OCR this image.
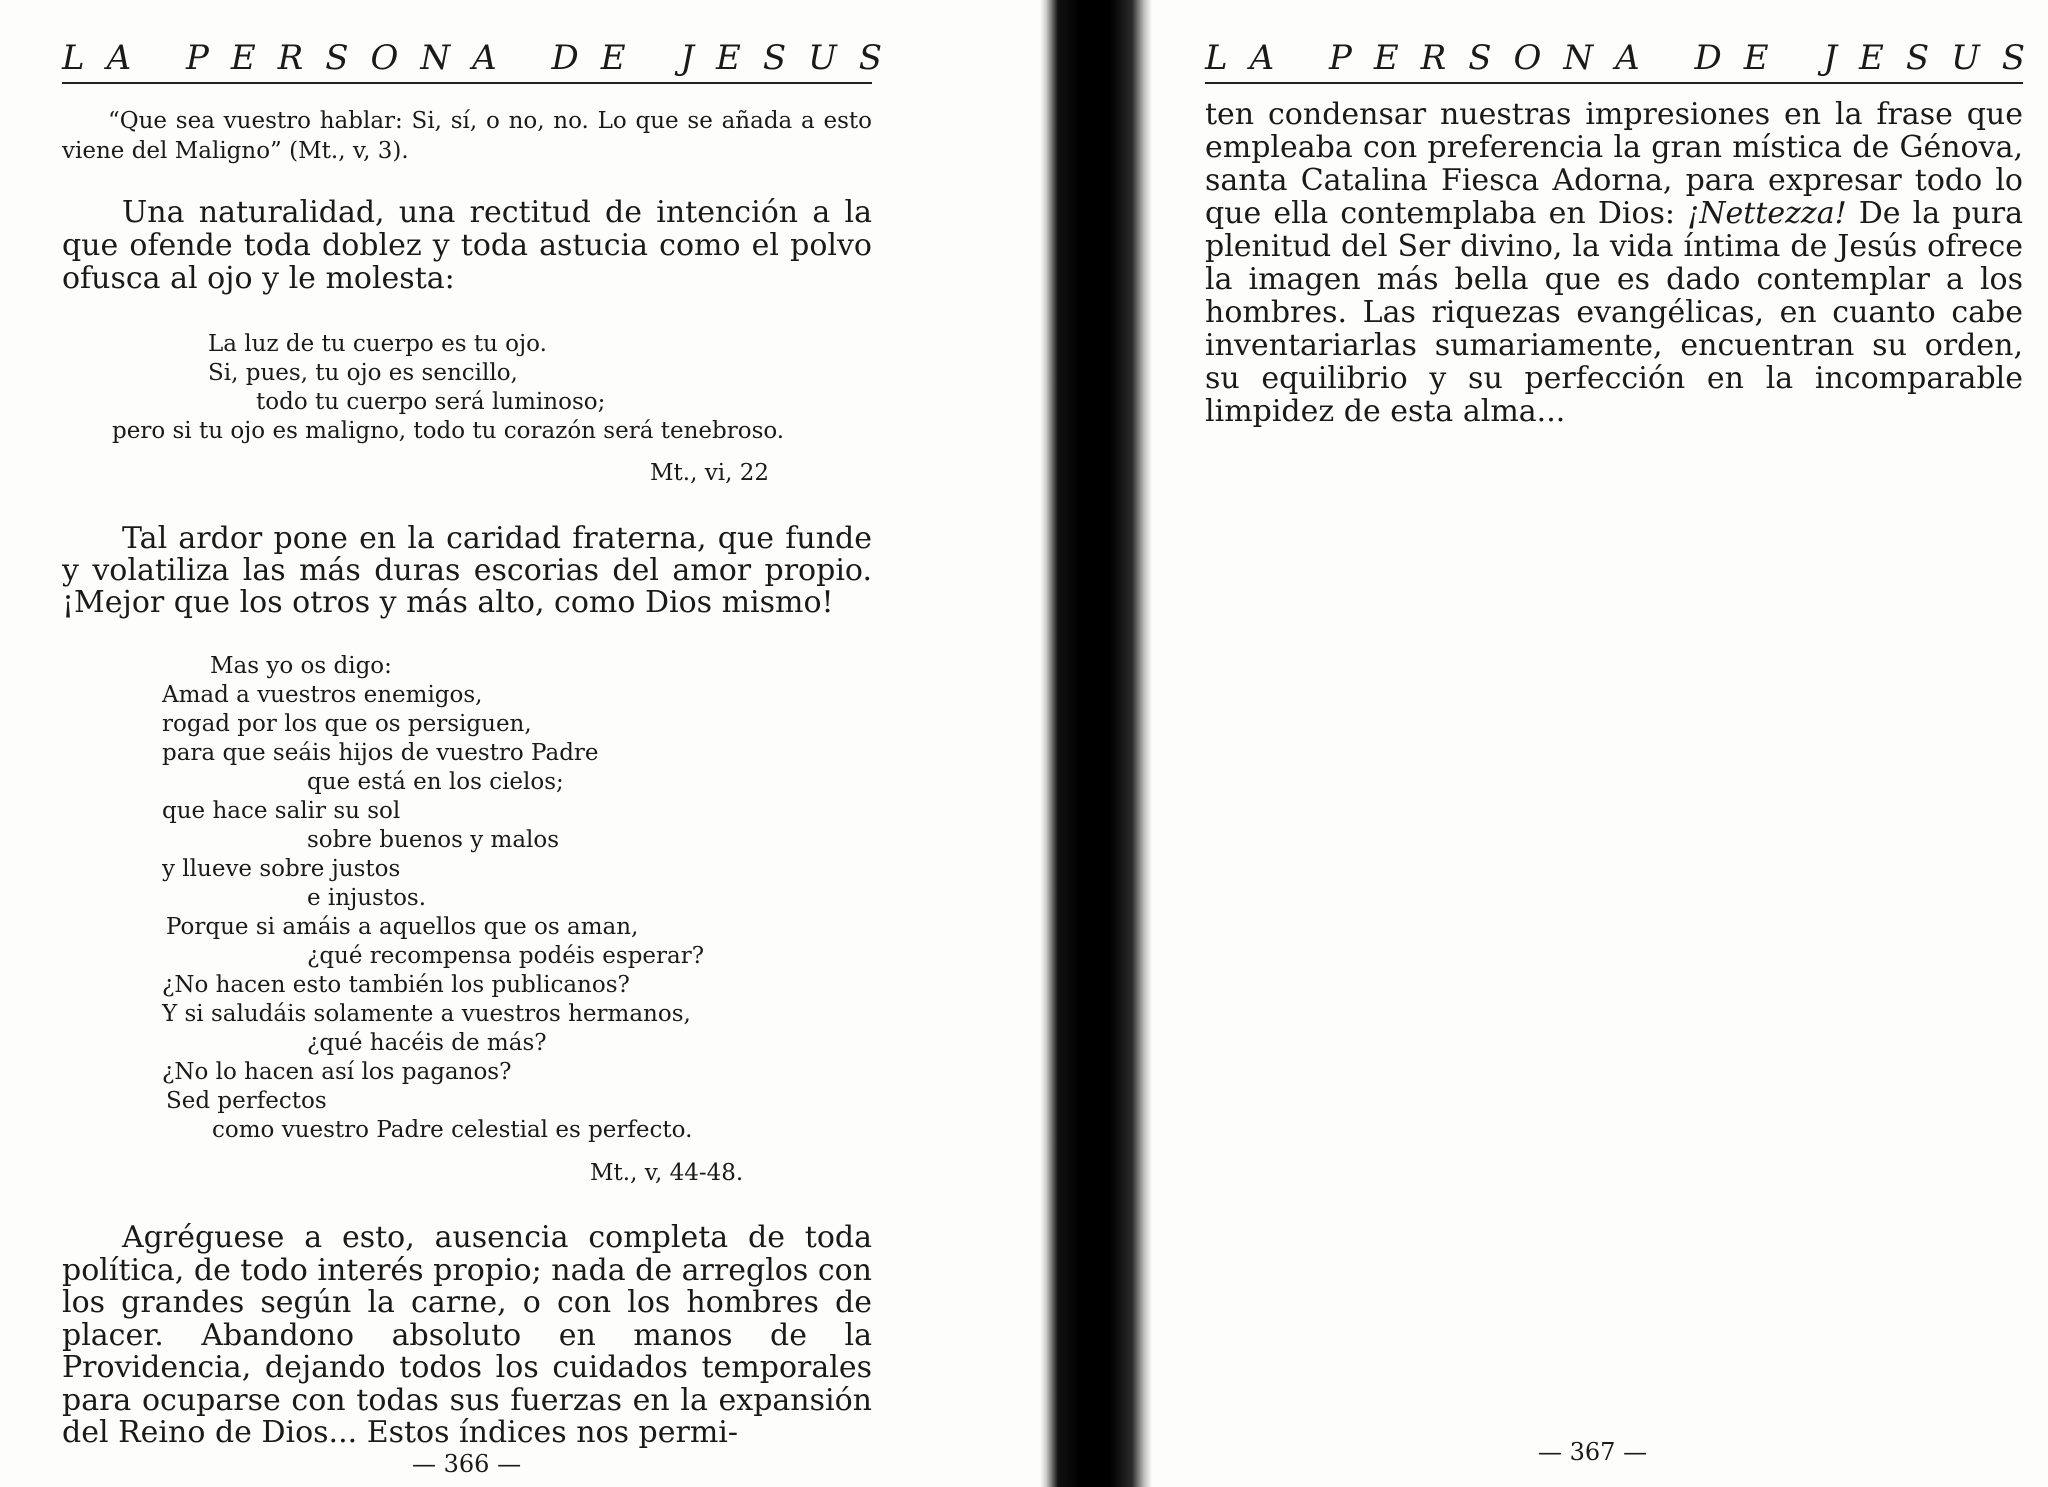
LA PERSONA DE JESUS

“Que sea vuestro hablar: Si, sí, o no, no. Lo que se añada a esto viene del Maligno” (Mt., v, 3).

Una naturalidad, una rectitud de intención a la que ofende toda doblez y toda astucia como el polvo ofusca al ojo y le molesta:

La luz de tu cuerpo es tu ojo.
Si, pues, tu ojo es sencillo,
todo tu cuerpo será luminoso;
pero si tu ojo es maligno, todo tu corazón será tenebroso.
Mt., vi, 22

Tal ardor pone en la caridad fraterna, que funde y volatiliza las más duras escorias del amor propio. ¡Mejor que los otros y más alto, como Dios mismo!

Mas yo os digo:
Amad a vuestros enemigos,
rogad por los que os persiguen,
para que seáis hijos de vuestro Padre
que está en los cielos;
que hace salir su sol
sobre buenos y malos
y llueve sobre justos
e injustos.
Porque si amáis a aquellos que os aman,
¿qué recompensa podéis esperar?
¿No hacen esto también los publicanos?
Y si saludáis solamente a vuestros hermanos,
¿qué hacéis de más?
¿No lo hacen así los paganos?
Sed perfectos
como vuestro Padre celestial es perfecto.
Mt., v, 44-48.

Agréguese a esto, ausencia completa de toda política, de todo interés propio; nada de arreglos con los grandes según la carne, o con los hombres de placer. Abandono absoluto en manos de la Providencia, dejando todos los cuidados temporales para ocuparse con todas sus fuerzas en la expansión del Reino de Dios... Estos índices nos permi-

— 366 —
LA PERSONA DE JESUS

ten condensar nuestras impresiones en la frase que empleaba con preferencia la gran mística de Génova, santa Catalina Fiesca Adorna, para expresar todo lo que ella contemplaba en Dios: ¡Nettezza! De la pura plenitud del Ser divino, la vida íntima de Jesús ofrece la imagen más bella que es dado contemplar a los hombres. Las riquezas evangélicas, en cuanto cabe inventariarlas sumariamente, encuentran su orden, su equilibrio y su perfección en la incomparable limpidez de esta alma...

— 367 —
